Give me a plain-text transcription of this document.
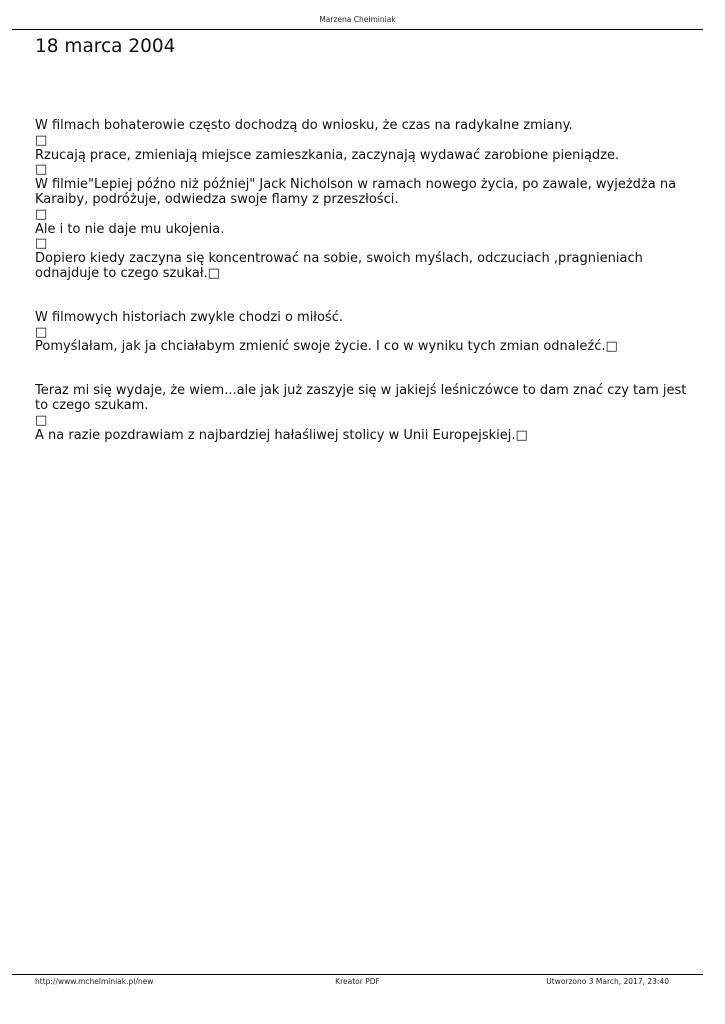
Marzena Chełminiak
18 marca 2004

W filmach bohaterowie często dochodzą do wniosku, że czas na radykalne zmiany.

□

Rzucają prace, zmieniają miejsce zamieszkania, zaczynają wydawać zarobione pieniądze.

□

W filmie"Lepiej późno niż później" Jack Nicholson w ramach nowego życia, po zawale, wyjeżdża na Karaiby, podróżuje, odwiedza swoje flamy z przeszłości.

□

Ale i to nie daje mu ukojenia.

□

Dopiero kiedy zaczyna się koncentrować na sobie, swoich myślach, odczuciach ,pragnieniach odnajduje to czego szukał.□

W filmowych historiach zwykle chodzi o miłość.

□

Pomyślałam, jak ja chciałabym zmienić swoje życie. I co w wyniku tych zmian odnaleźć.□

Teraz mi się wydaje, że wiem...ale jak już zaszyje się w jakiejś leśniczówce to dam znać czy tam jest to czego szukam.

□

A na razie pozdrawiam z najbardziej hałaśliwej stolicy w Unii Europejskiej.□

http://www.mchelminiak.pl/new	Kreator PDF	Utworzono 3 March, 2017, 23:40
